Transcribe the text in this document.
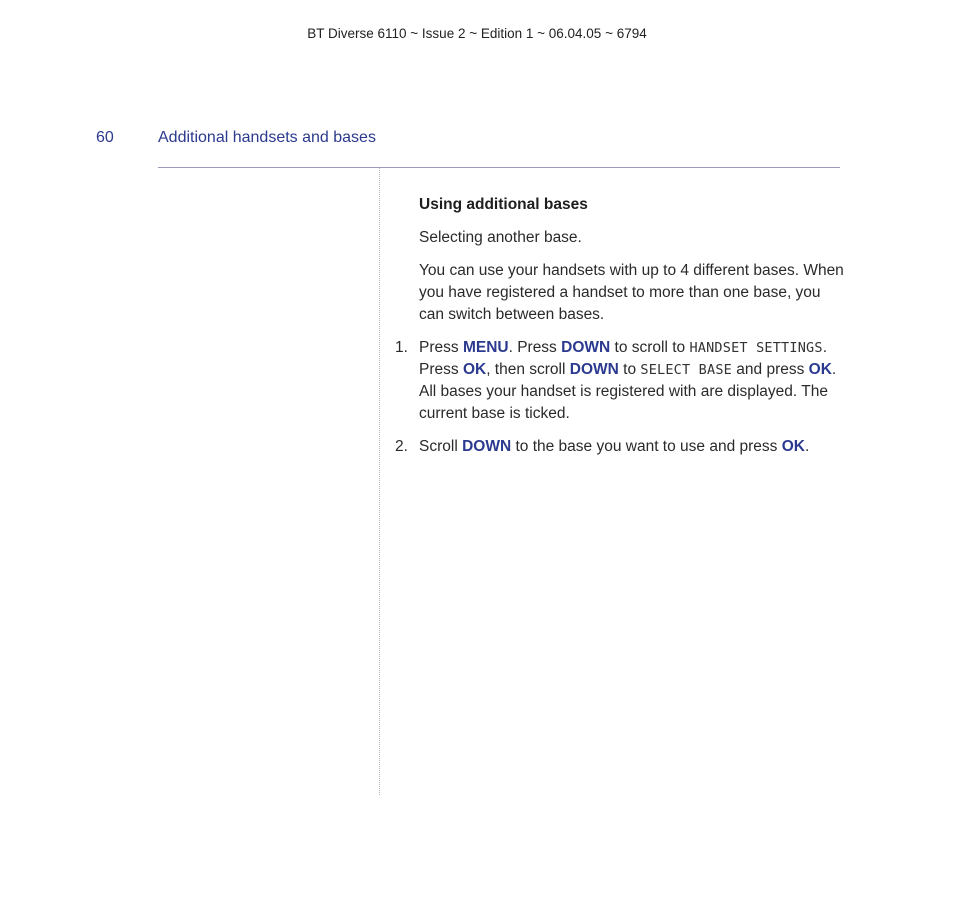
BT Diverse 6110 ~ Issue 2 ~ Edition 1 ~ 06.04.05 ~ 6794
60	Additional handsets and bases

Using additional bases

Selecting another base.

You can use your handsets with up to 4 different bases. When you have registered a handset to more than one base, you can switch between bases.

1. Press MENU. Press DOWN to scroll to HANDSET SETTINGS. Press OK, then scroll DOWN to SELECT BASE and press OK. All bases your handset is registered with are displayed. The current base is ticked.
2. Scroll DOWN to the base you want to use and press OK.
